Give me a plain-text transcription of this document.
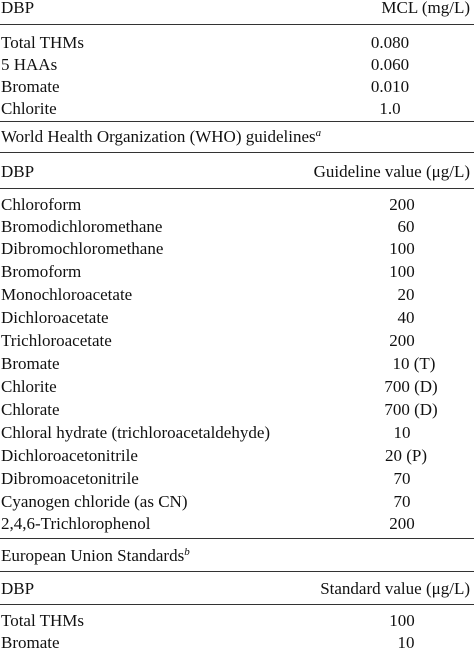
DBP	MCL (mg/L)
Total THMs	0.080
5 HAAs	0.060
Bromate	0.010
Chlorite	1.0
World Health Organization (WHO) guidelines$^a$
DBP	Guideline value (μg/L)
Chloroform	200
Bromodichloromethane	60
Dibromochloromethane	100
Bromoform	100
Monochloroacetate	20
Dichloroacetate	40
Trichloroacetate	200
Bromate	10 (T)
Chlorite	700 (D)
Chlorate	700 (D)
Chloral hydrate (trichloroacetaldehyde)	10
Dichloroacetonitrile	20 (P)
Dibromoacetonitrile	70
Cyanogen chloride (as CN)	70
2,4,6-Trichlorophenol	200
European Union Standards$^b$
DBP	Standard value (μg/L)
Total THMs	100
Bromate	10
